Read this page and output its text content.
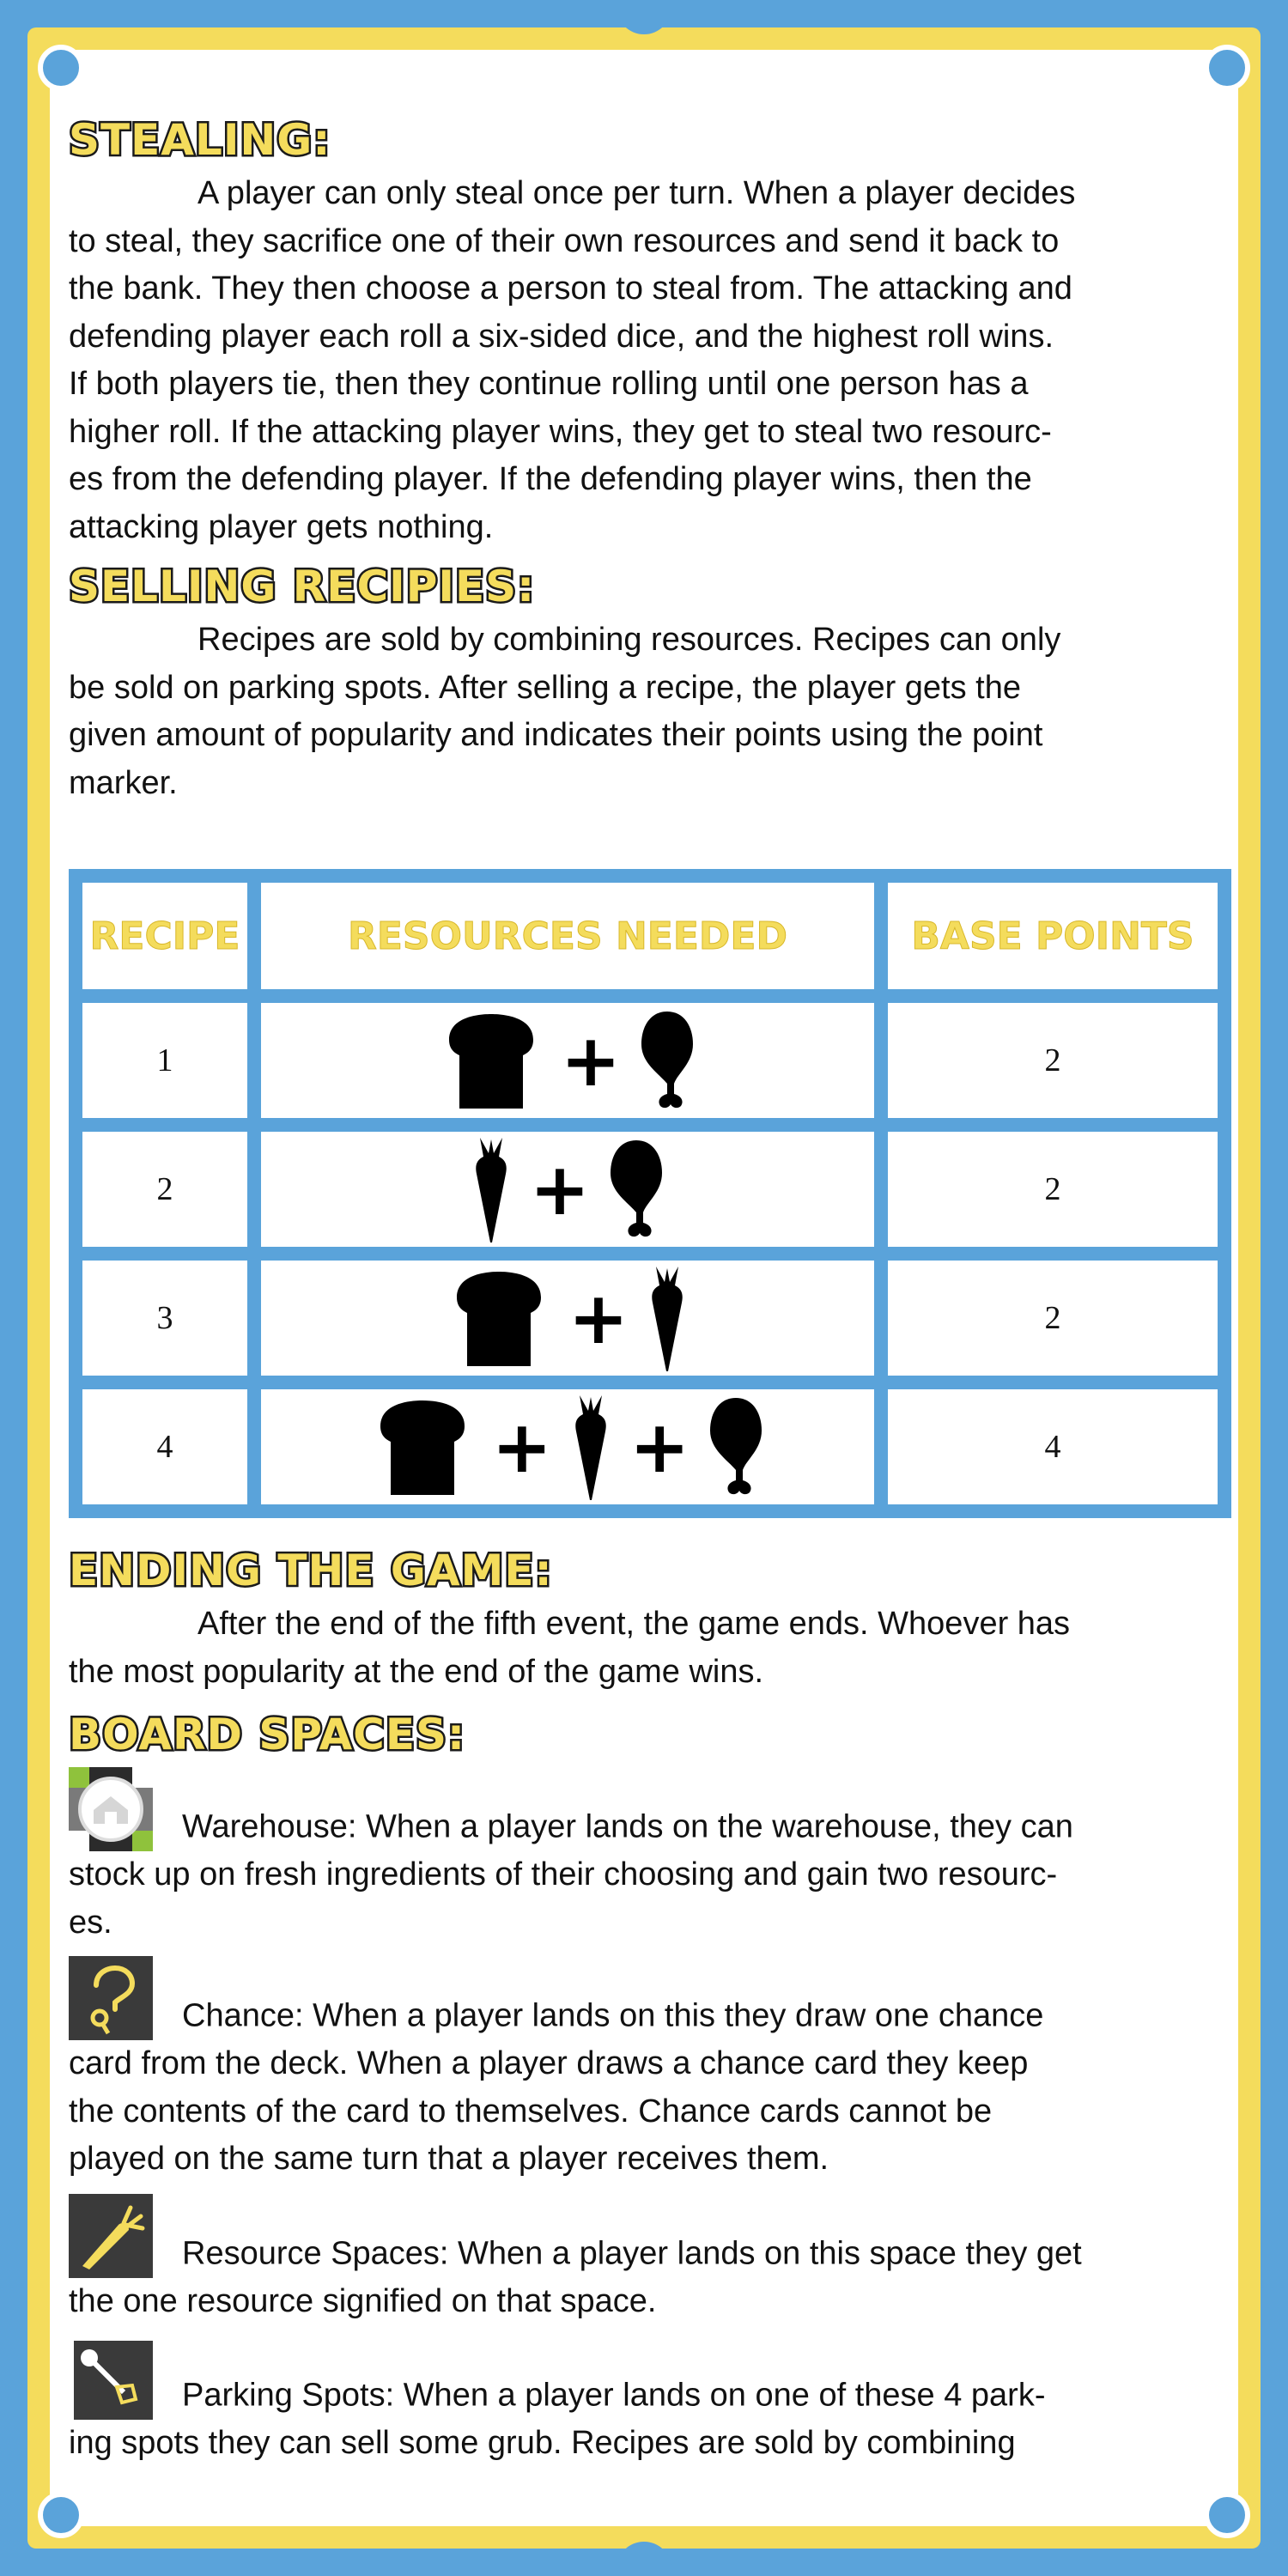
STEALING:

A player can only steal once per turn. When a player decides
to steal, they sacrifice one of their own resources and send it back to
the bank. They then choose a person to steal from. The attacking and
defending player each roll a six-sided dice, and the highest roll wins.
If both players tie, then they continue rolling until one person has a
higher roll. If the attacking player wins, they get to steal two resourc-
es from the defending player. If the defending player wins, then the
attacking player gets nothing.

SELLING RECIPIES:

Recipes are sold by combining resources. Recipes can only
be sold on parking spots. After selling a recipe, the player gets the
given amount of popularity and indicates their points using the point
marker.

RECIPE	RESOURCES NEEDED	BASE POINTS
1	+	2
2	+	2
3	+	2
4	+ +	4
ENDING THE GAME:

After the end of the fifth event, the game ends. Whoever has
the most popularity at the end of the game wins.

BOARD SPACES:

Warehouse: When a player lands on the warehouse, they can
stock up on fresh ingredients of their choosing and gain two resourc-
es.

Chance: When a player lands on this they draw one chance
card from the deck. When a player draws a chance card they keep
the contents of the card to themselves. Chance cards cannot be
played on the same turn that a player receives them.

Resource Spaces: When a player lands on this space they get
the one resource signified on that space.

Parking Spots: When a player lands on one of these 4 park-
ing spots they can sell some grub. Recipes are sold by combining
